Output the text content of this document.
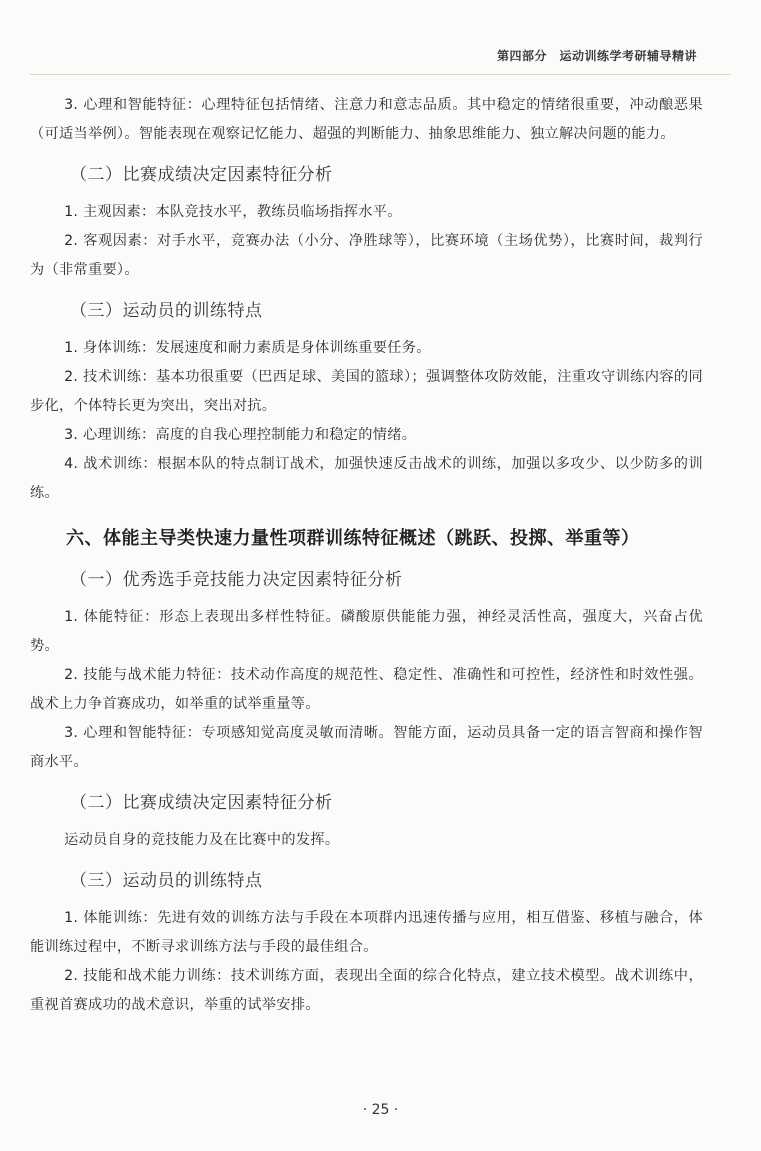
第四部分　运动训练学考研辅导精讲

3. 心理和智能特征：心理特征包括情绪、注意力和意志品质。其中稳定的情绪很重要，冲动酿恶果（可适当举例）。智能表现在观察记忆能力、超强的判断能力、抽象思维能力、独立解决问题的能力。

（二）比赛成绩决定因素特征分析

1. 主观因素：本队竞技水平，教练员临场指挥水平。

2. 客观因素：对手水平，竞赛办法（小分、净胜球等），比赛环境（主场优势），比赛时间，裁判行为（非常重要）。

（三）运动员的训练特点

1. 身体训练：发展速度和耐力素质是身体训练重要任务。

2. 技术训练：基本功很重要（巴西足球、美国的篮球）；强调整体攻防效能，注重攻守训练内容的同步化，个体特长更为突出，突出对抗。

3. 心理训练：高度的自我心理控制能力和稳定的情绪。

4. 战术训练：根据本队的特点制订战术，加强快速反击战术的训练，加强以多攻少、以少防多的训练。

六、体能主导类快速力量性项群训练特征概述（跳跃、投掷、举重等）
（一）优秀选手竞技能力决定因素特征分析

1. 体能特征：形态上表现出多样性特征。磷酸原供能能力强，神经灵活性高，强度大，兴奋占优势。

2. 技能与战术能力特征：技术动作高度的规范性、稳定性、准确性和可控性，经济性和时效性强。战术上力争首赛成功，如举重的试举重量等。

3. 心理和智能特征：专项感知觉高度灵敏而清晰。智能方面，运动员具备一定的语言智商和操作智商水平。

（二）比赛成绩决定因素特征分析

运动员自身的竞技能力及在比赛中的发挥。

（三）运动员的训练特点

1. 体能训练：先进有效的训练方法与手段在本项群内迅速传播与应用，相互借鉴、移植与融合，体能训练过程中，不断寻求训练方法与手段的最佳组合。

2. 技能和战术能力训练：技术训练方面，表现出全面的综合化特点，建立技术模型。战术训练中，重视首赛成功的战术意识，举重的试举安排。

· 25 ·
